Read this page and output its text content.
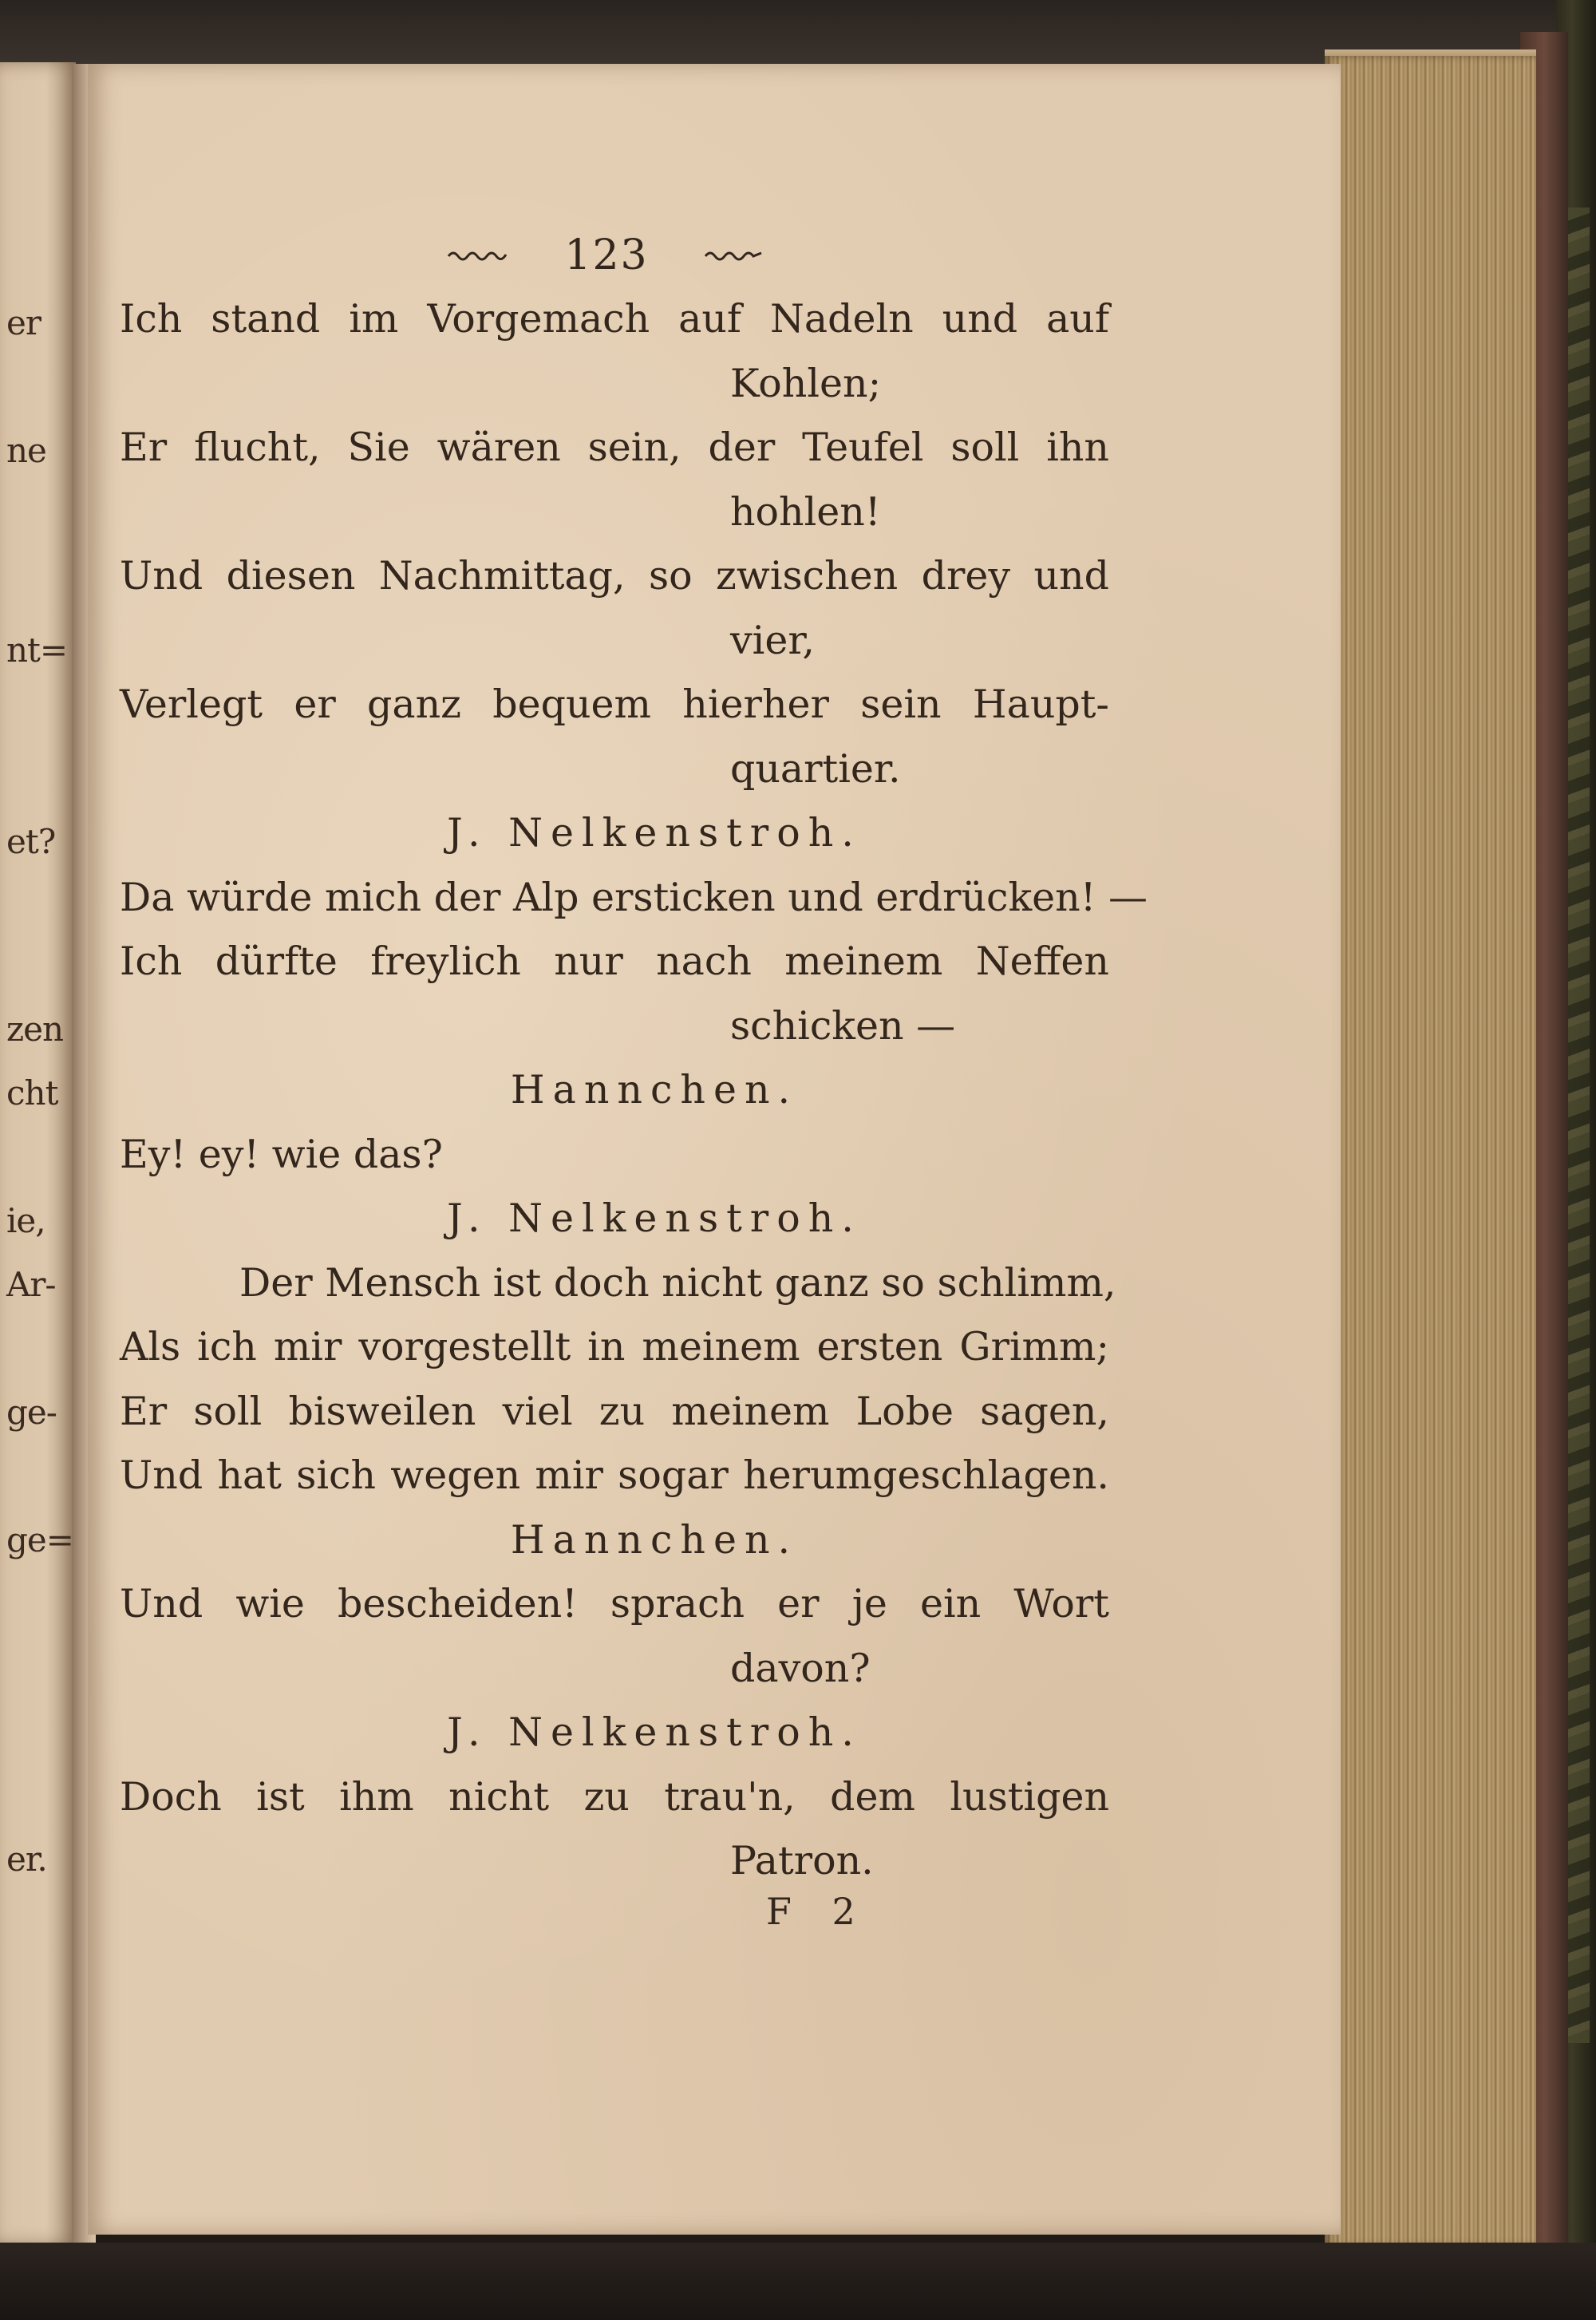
er
ne
nt=
et?
zen
cht
ie,
Ar-
ge-
ge=
er.
123
Ich stand im Vorgemach auf Nadeln und auf
Kohlen;
Er flucht, Sie wären sein, der Teufel soll ihn
hohlen!
Und diesen Nachmittag, so zwischen drey und
vier,
Verlegt er ganz bequem hierher sein Haupt-
quartier.
J. Nelkenstroh.
Da würde mich der Alp ersticken und erdrücken! —
Ich dürfte freylich nur nach meinem Neffen
schicken —
Hannchen.
Ey! ey! wie das?
J. Nelkenstroh.
Der Mensch ist doch nicht ganz so schlimm,
Als ich mir vorgestellt in meinem ersten Grimm;
Er soll bisweilen viel zu meinem Lobe sagen,
Und hat sich wegen mir sogar herumgeschlagen.
Hannchen.
Und wie bescheiden! sprach er je ein Wort
davon?
J. Nelkenstroh.
Doch ist ihm nicht zu trau'n, dem lustigen
Patron.
F 2
